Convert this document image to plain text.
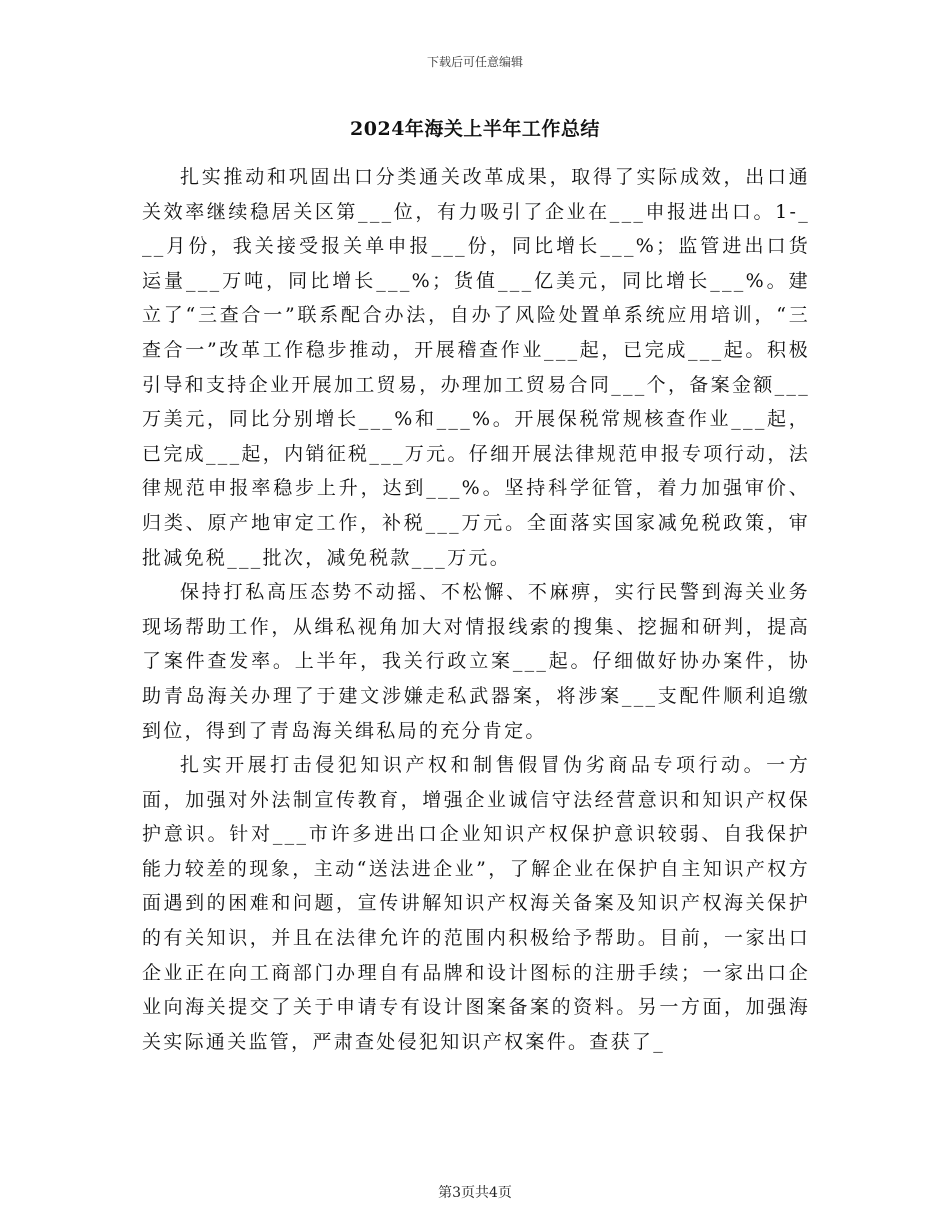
下载后可任意编辑
2024年海关上半年工作总结

扎实推动和巩固出口分类通关改革成果，取得了实际成效，出口通关效率继续稳居关区第___位，有力吸引了企业在___申报进出口。1-___月份，我关接受报关单申报___份，同比增长___%；监管进出口货运量___万吨，同比增长___%；货值___亿美元，同比增长___%。建立了“三查合一”联系配合办法，自办了风险处置单系统应用培训，“三查合一”改革工作稳步推动，开展稽查作业___起，已完成___起。积极引导和支持企业开展加工贸易，办理加工贸易合同___个，备案金额___万美元，同比分别增长___%和___%。开展保税常规核查作业___起，已完成___起，内销征税___万元。仔细开展法律规范申报专项行动，法律规范申报率稳步上升，达到___%。坚持科学征管，着力加强审价、归类、原产地审定工作，补税___万元。全面落实国家减免税政策，审批减免税___批次，减免税款___万元。

保持打私高压态势不动摇、不松懈、不麻痹，实行民警到海关业务现场帮助工作，从缉私视角加大对情报线索的搜集、挖掘和研判，提高了案件查发率。上半年，我关行政立案___起。仔细做好协办案件，协助青岛海关办理了于建文涉嫌走私武器案，将涉案___支配件顺利追缴到位，得到了青岛海关缉私局的充分肯定。

扎实开展打击侵犯知识产权和制售假冒伪劣商品专项行动。一方面，加强对外法制宣传教育，增强企业诚信守法经营意识和知识产权保护意识。针对___市许多进出口企业知识产权保护意识较弱、自我保护能力较差的现象，主动“送法进企业”，了解企业在保护自主知识产权方面遇到的困难和问题，宣传讲解知识产权海关备案及知识产权海关保护的有关知识，并且在法律允许的范围内积极给予帮助。目前，一家出口企业正在向工商部门办理自有品牌和设计图标的注册手续；一家出口企业向海关提交了关于申请专有设计图案备案的资料。另一方面，加强海关实际通关监管，严肃查处侵犯知识产权案件。查获了_

第3页共4页
